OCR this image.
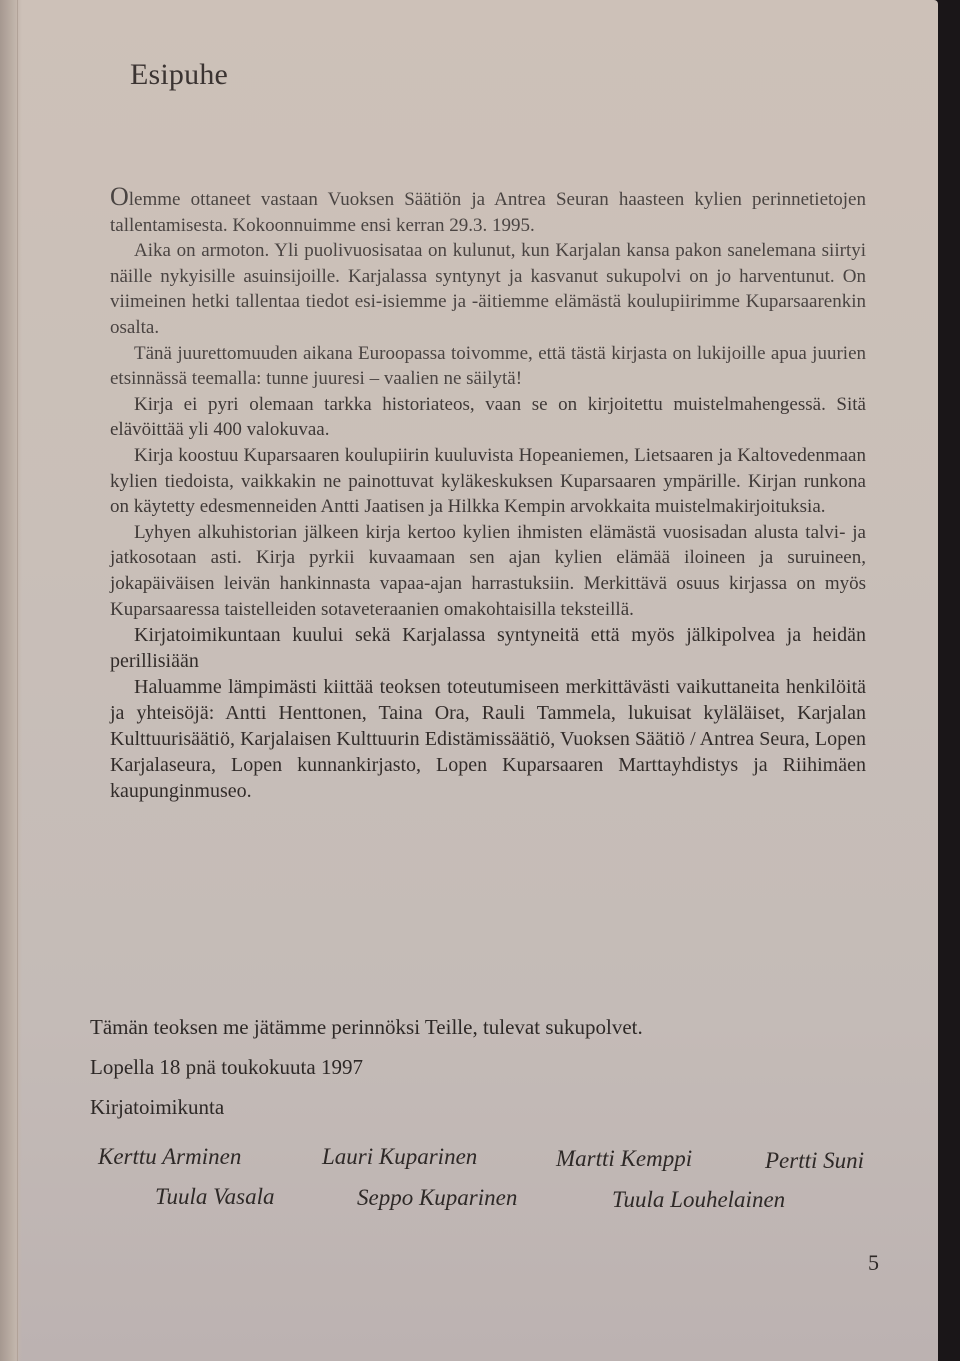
Esipuhe

Olemme ottaneet vastaan Vuoksen Säätiön ja Antrea Seuran haasteen kylien perinnetietojen tallentamisesta. Kokoonnuimme ensi kerran 29.3. 1995.

Aika on armoton. Yli puolivuosisataa on kulunut, kun Karjalan kansa pakon sanelemana siirtyi näille nykyisille asuinsijoille. Karjalassa syntynyt ja kasvanut sukupolvi on jo harventunut. On viimeinen hetki tallentaa tiedot esi-isiemme ja -äitiemme elämästä koulupiirimme Kuparsaarenkin osalta.

Tänä juurettomuuden aikana Euroopassa toivomme, että tästä kirjasta on lukijoille apua juurien etsinnässä teemalla: tunne juuresi – vaalien ne säilytä!

Kirja ei pyri olemaan tarkka historiateos, vaan se on kirjoitettu muistelmahengessä. Sitä elävöittää yli 400 valokuvaa.

Kirja koostuu Kuparsaaren koulupiirin kuuluvista Hopeaniemen, Lietsaaren ja Kaltovedenmaan kylien tiedoista, vaikkakin ne painottuvat kyläkeskuksen Kuparsaaren ympärille. Kirjan runkona on käytetty edesmenneiden Antti Jaatisen ja Hilkka Kempin arvokkaita muistelmakirjoituksia.

Lyhyen alkuhistorian jälkeen kirja kertoo kylien ihmisten elämästä vuosisadan alusta talvi- ja jatkosotaan asti. Kirja pyrkii kuvaamaan sen ajan kylien elämää iloineen ja suruineen, jokapäiväisen leivän hankinnasta vapaa-ajan harrastuksiin. Merkittävä osuus kirjassa on myös Kuparsaaressa taistelleiden sotaveteraanien omakohtaisilla teksteillä.

Kirjatoimikuntaan kuului sekä Karjalassa syntyneitä että myös jälkipolvea ja heidän perillisiään

Haluamme lämpimästi kiittää teoksen toteutumiseen merkittävästi vaikuttaneita henkilöitä ja yhteisöjä: Antti Henttonen, Taina Ora, Rauli Tammela, lukuisat kyläläiset, Karjalan Kulttuurisäätiö, Karjalaisen Kulttuurin Edistämissäätiö, Vuoksen Säätiö / Antrea Seura, Lopen Karjalaseura, Lopen kunnankirjasto, Lopen Kuparsaaren Marttayhdistys ja Riihimäen kaupunginmuseo.

Tämän teoksen me jätämme perinnöksi Teille, tulevat sukupolvet.
Lopella 18 pnä toukokuuta 1997
Kirjatoimikunta
Kerttu Arminen	Lauri Kuparinen	Martti Kemppi	Pertti Suni
Tuula Vasala	Seppo Kuparinen	Tuula Louhelainen
5
